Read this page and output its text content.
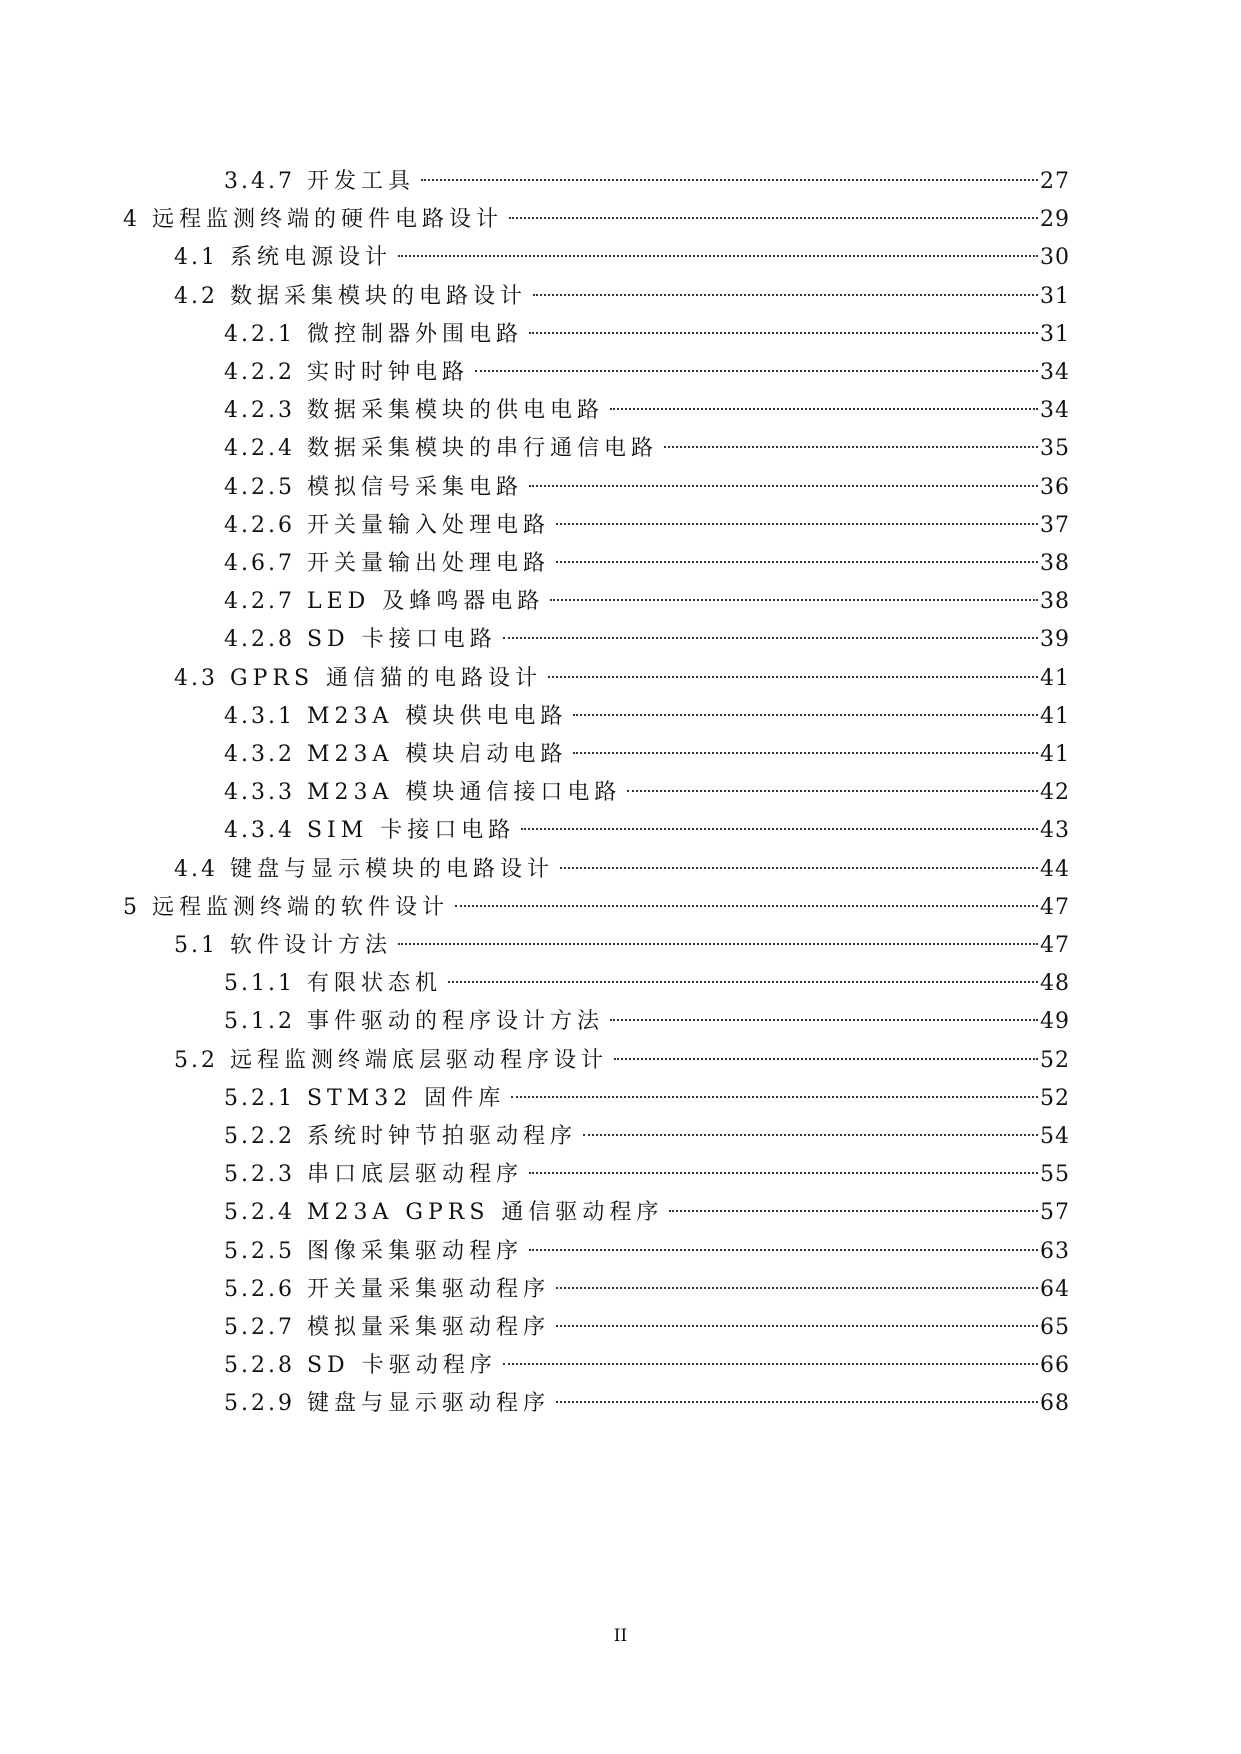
3.4.7 开发工具	27
4 远程监测终端的硬件电路设计	29
4.1 系统电源设计	30
4.2 数据采集模块的电路设计	31
4.2.1 微控制器外围电路	31
4.2.2 实时时钟电路	34
4.2.3 数据采集模块的供电电路	34
4.2.4 数据采集模块的串行通信电路	35
4.2.5 模拟信号采集电路	36
4.2.6 开关量输入处理电路	37
4.6.7 开关量输出处理电路	38
4.2.7 LED 及蜂鸣器电路	38
4.2.8 SD 卡接口电路	39
4.3 GPRS 通信猫的电路设计	41
4.3.1 M23A 模块供电电路	41
4.3.2 M23A 模块启动电路	41
4.3.3 M23A 模块通信接口电路	42
4.3.4 SIM 卡接口电路	43
4.4 键盘与显示模块的电路设计	44
5 远程监测终端的软件设计	47
5.1 软件设计方法	47
5.1.1 有限状态机	48
5.1.2 事件驱动的程序设计方法	49
5.2 远程监测终端底层驱动程序设计	52
5.2.1 STM32 固件库	52
5.2.2 系统时钟节拍驱动程序	54
5.2.3 串口底层驱动程序	55
5.2.4 M23A GPRS 通信驱动程序	57
5.2.5 图像采集驱动程序	63
5.2.6 开关量采集驱动程序	64
5.2.7 模拟量采集驱动程序	65
5.2.8 SD 卡驱动程序	66
5.2.9 键盘与显示驱动程序	68
II
